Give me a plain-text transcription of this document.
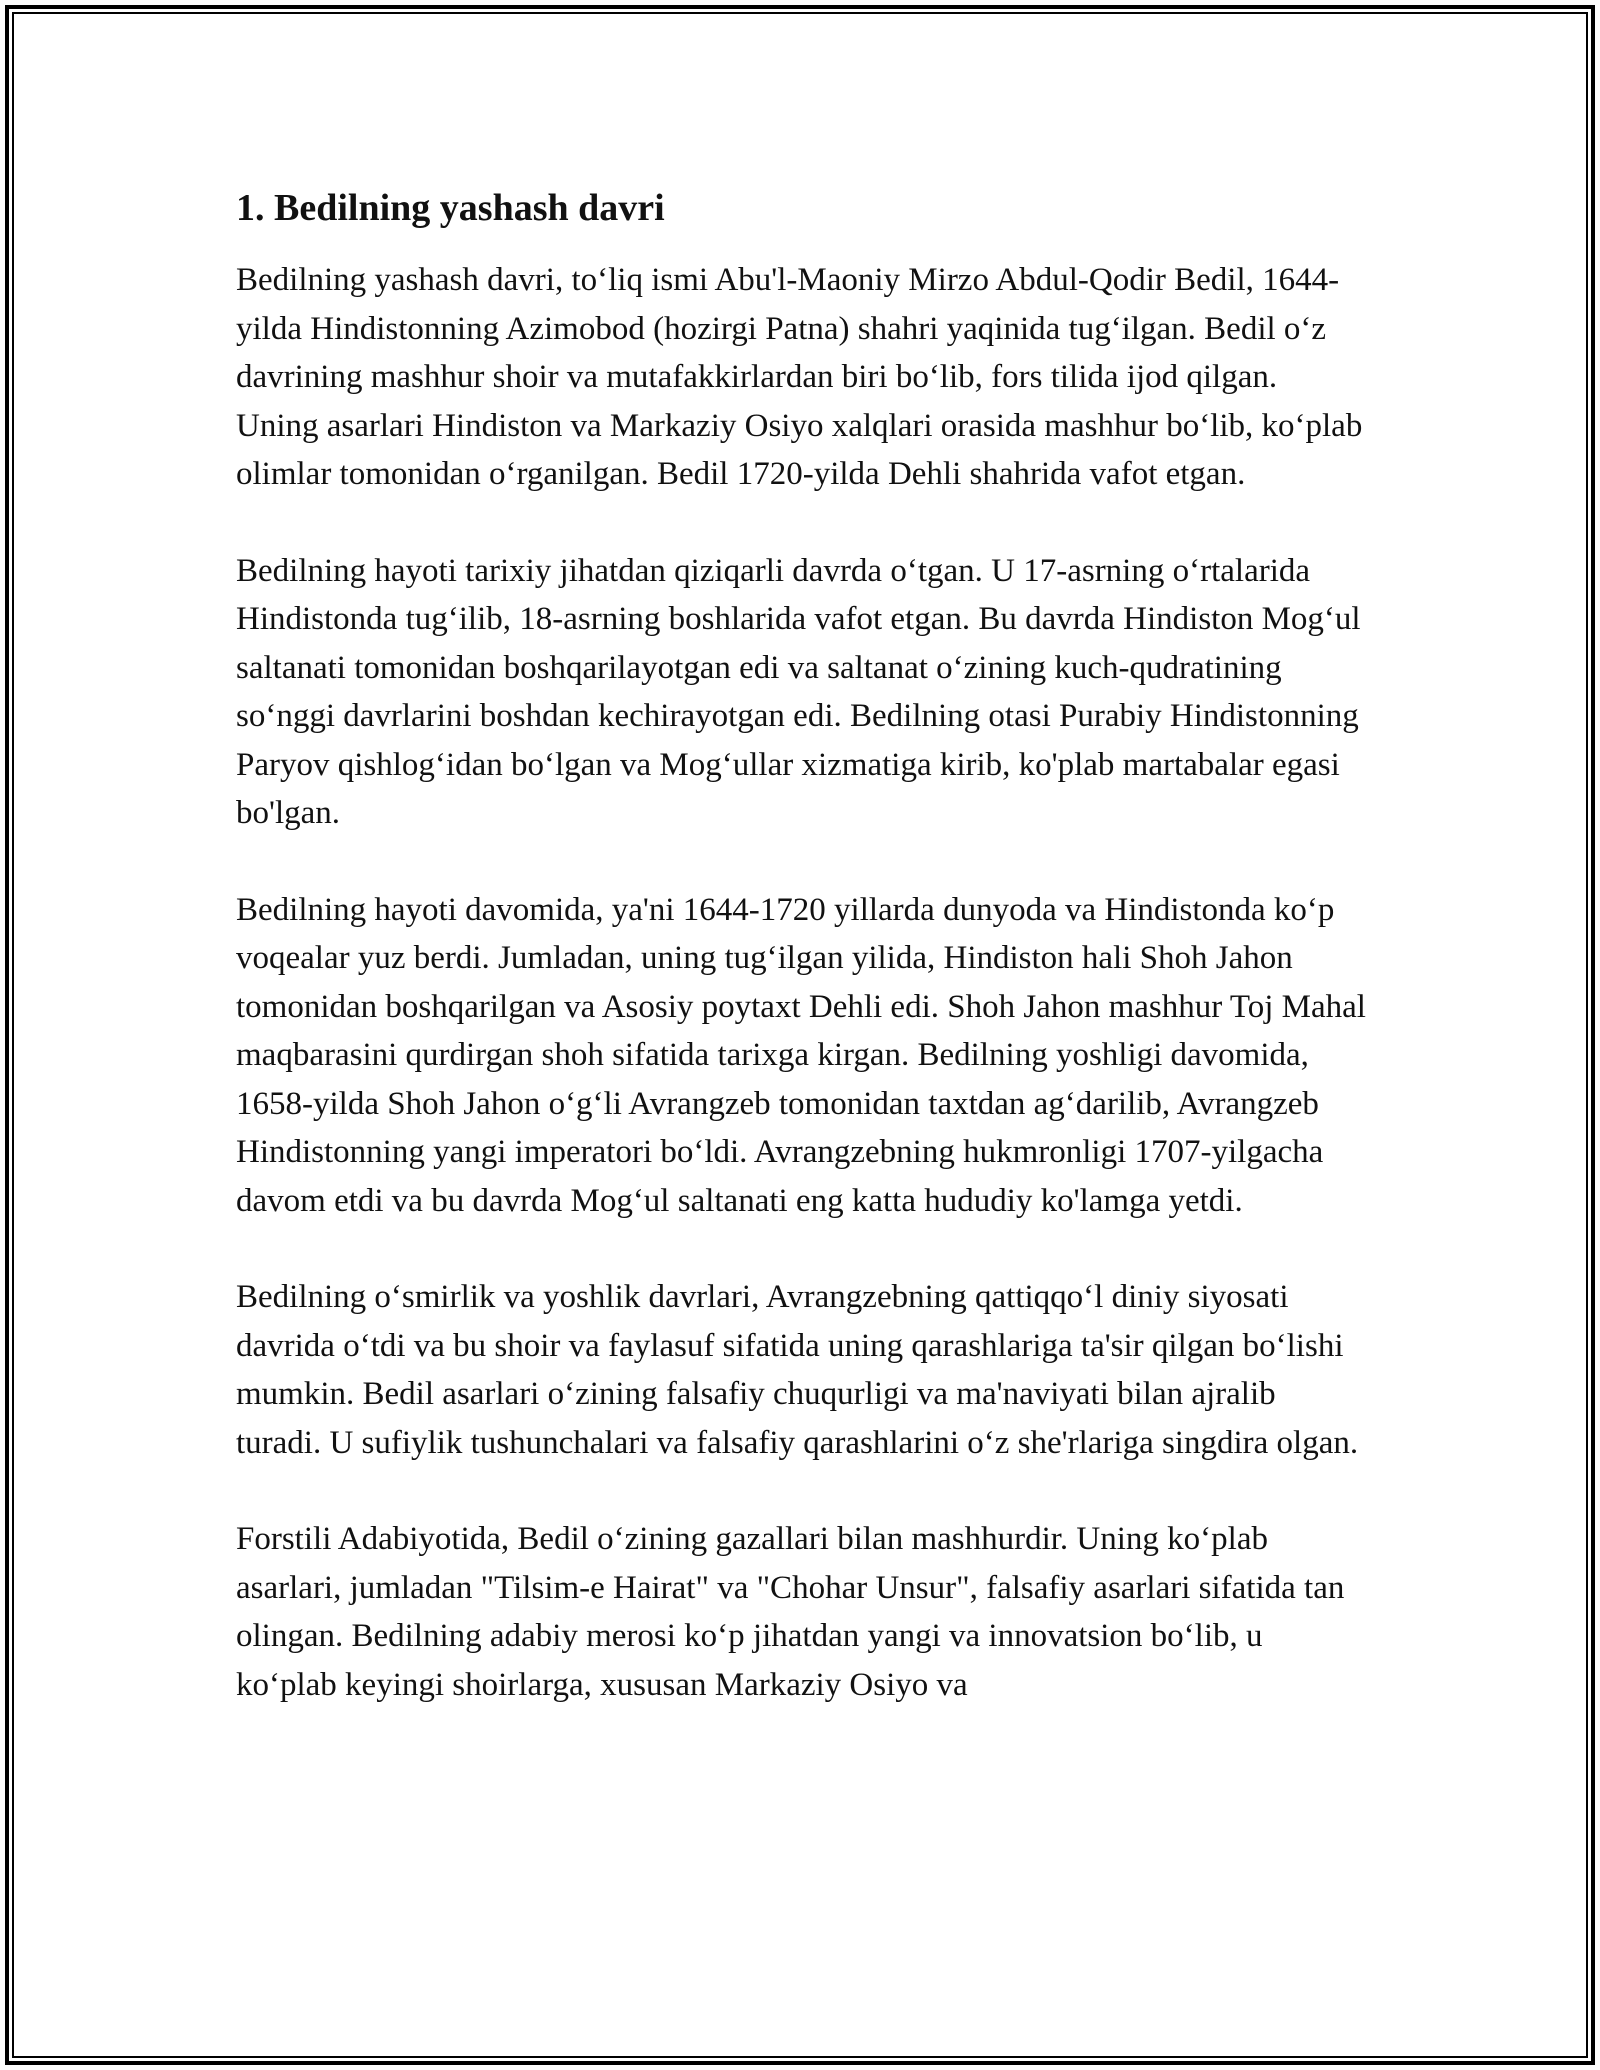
1. Bedilning yashash davri

Bedilning yashash davri, to‘liq ismi Abu'l-Maoniy Mirzo Abdul-Qodir Bedil, 1644-yilda Hindistonning Azimobod (hozirgi Patna) shahri yaqinida tug‘ilgan. Bedil o‘z davrining mashhur shoir va mutafakkirlardan biri bo‘lib, fors tilida ijod qilgan. Uning asarlari Hindiston va Markaziy Osiyo xalqlari orasida mashhur bo‘lib, ko‘plab olimlar tomonidan o‘rganilgan. Bedil 1720-yilda Dehli shahrida vafot etgan.

Bedilning hayoti tarixiy jihatdan qiziqarli davrda o‘tgan. U 17-asrning o‘rtalarida Hindistonda tug‘ilib, 18-asrning boshlarida vafot etgan. Bu davrda Hindiston Mog‘ul saltanati tomonidan boshqarilayotgan edi va saltanat o‘zining kuch-qudratining so‘nggi davrlarini boshdan kechirayotgan edi. Bedilning otasi Purabiy Hindistonning Paryov qishlog‘idan bo‘lgan va Mog‘ullar xizmatiga kirib, ko'plab martabalar egasi bo'lgan.

Bedilning hayoti davomida, ya'ni 1644-1720 yillarda dunyoda va Hindistonda ko‘p voqealar yuz berdi. Jumladan, uning tug‘ilgan yilida, Hindiston hali Shoh Jahon tomonidan boshqarilgan va Asosiy poytaxt Dehli edi. Shoh Jahon mashhur Toj Mahal maqbarasini qurdirgan shoh sifatida tarixga kirgan. Bedilning yoshligi davomida, 1658-yilda Shoh Jahon o‘g‘li Avrangzeb tomonidan taxtdan ag‘darilib, Avrangzeb Hindistonning yangi imperatori bo‘ldi. Avrangzebning hukmronligi 1707-yilgacha davom etdi va bu davrda Mog‘ul saltanati eng katta hududiy ko'lamga yetdi.

Bedilning o‘smirlik va yoshlik davrlari, Avrangzebning qattiqqo‘l diniy siyosati davrida o‘tdi va bu shoir va faylasuf sifatida uning qarashlariga ta'sir qilgan bo‘lishi mumkin. Bedil asarlari o‘zining falsafiy chuqurligi va ma'naviyati bilan ajralib turadi. U sufiylik tushunchalari va falsafiy qarashlarini o‘z she'rlariga singdira olgan.

Forstili Adabiyotida, Bedil o‘zining gazallari bilan mashhurdir. Uning ko‘plab asarlari, jumladan "Tilsim-e Hairat" va "Chohar Unsur", falsafiy asarlari sifatida tan olingan. Bedilning adabiy merosi ko‘p jihatdan yangi va innovatsion bo‘lib, u ko‘plab keyingi shoirlarga, xususan Markaziy Osiyo va
